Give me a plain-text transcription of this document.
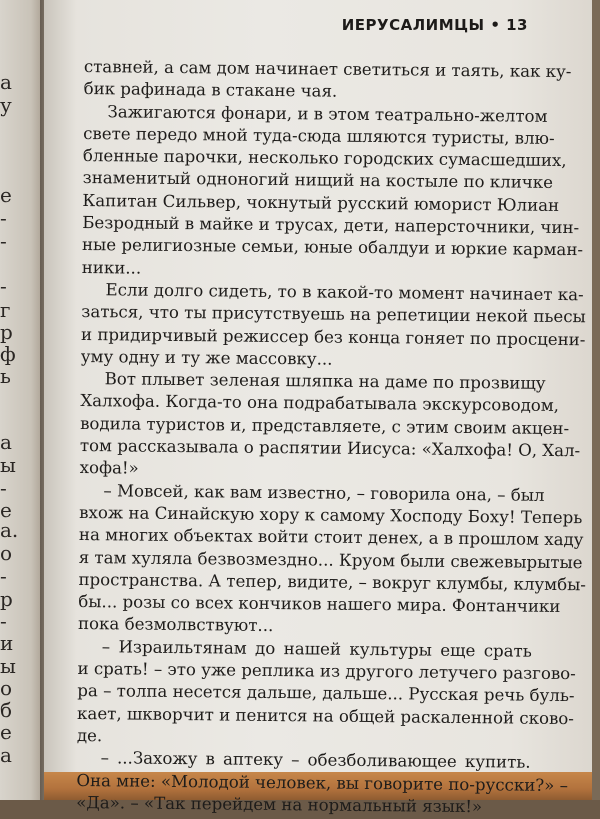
а
у
е
-
-
-
г
р
ф
ь
а
ы
-
е
а.
о
-
р
-
и
ы
о
б
е
а
ИЕРУСАЛИМЦЫ • 13
ставней, а сам дом начинает светиться и таять, как ку-
бик рафинада в стакане чая.
Зажигаются фонари, и в этом театрально-желтом
свете передо мной туда-сюда шляются туристы, влю-
бленные парочки, несколько городских сумасшедших,
знаменитый одноногий нищий на костыле по кличке
Капитан Сильвер, чокнутый русский юморист Юлиан
Безродный в майке и трусах, дети, наперсточники, чин-
ные религиозные семьи, юные обалдуи и юркие карман-
ники...
Если долго сидеть, то в какой-то момент начинает ка-
заться, что ты присутствуешь на репетиции некой пьесы
и придирчивый режиссер без конца гоняет по просцени-
уму одну и ту же массовку...
Вот плывет зеленая шляпка на даме по прозвищу
Халхофа. Когда-то она подрабатывала экскурсоводом,
водила туристов и, представляете, с этим своим акцен-
том рассказывала о распятии Иисуса: «Халхофа! О, Хал-
хофа!»
– Мовсей, как вам известно, – говорила она, – был
вхож на Синайскую хору к самому Хосподу Боху! Теперь
на многих объектах войти стоит денех, а в прошлом хаду
я там хуляла безвозмездно... Круом были свежевырытые
пространства. А тепер, видите, – вокруг клумбы, клумбы-
бы... розы со всех кончиков нашего мира. Фонтанчики
пока безмолвствуют...
– Израильтянам до нашей культуры еще срать
и срать! – это уже реплика из другого летучего разгово-
ра – толпа несется дальше, дальше... Русская речь буль-
кает, шкворчит и пенится на общей раскаленной сково-
де.
– ...Захожу в аптеку – обезболивающее купить.
Она мне: «Молодой человек, вы говорите по-русски?» –
«Да». – «Так перейдем на нормальный язык!»
